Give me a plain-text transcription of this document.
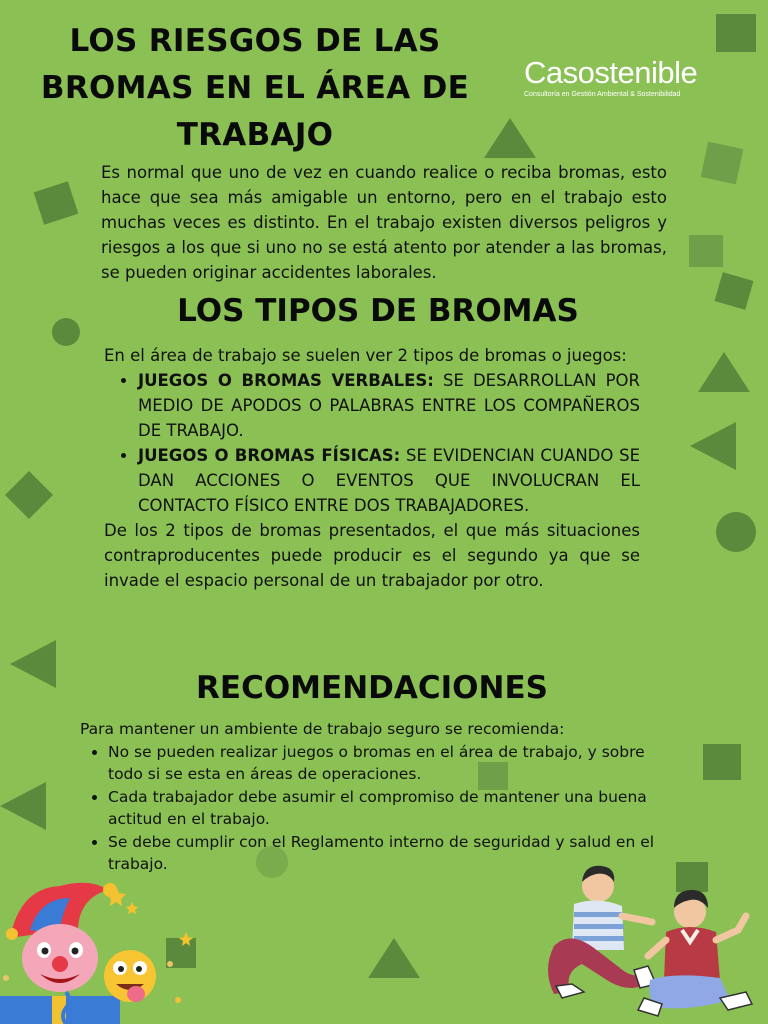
LOS RIESGOS DE LAS BROMAS EN EL ÁREA DE TRABAJO
Casostenible
Consultoría en Gestión Ambiental & Sostenibilidad
Es normal que uno de vez en cuando realice o reciba bromas, esto hace que sea más amigable un entorno, pero en el trabajo esto muchas veces es distinto. En el trabajo existen diversos peligros y riesgos a los que si uno no se está atento por atender a las bromas, se pueden originar accidentes laborales.
LOS TIPOS DE BROMAS
En el área de trabajo se suelen ver 2 tipos de bromas o juegos:
• JUEGOS O BROMAS VERBALES: SE DESARROLLAN POR MEDIO DE APODOS O PALABRAS ENTRE LOS COMPAÑEROS DE TRABAJO.
• JUEGOS O BROMAS FÍSICAS: SE EVIDENCIAN CUANDO SE DAN ACCIONES O EVENTOS QUE INVOLUCRAN EL CONTACTO FÍSICO ENTRE DOS TRABAJADORES.
De los 2 tipos de bromas presentados, el que más situaciones contraproducentes puede producir es el segundo ya que se invade el espacio personal de un trabajador por otro.
RECOMENDACIONES
Para mantener un ambiente de trabajo seguro se recomienda:
• No se pueden realizar juegos o bromas en el área de trabajo, y sobre todo si se esta en áreas de operaciones.
• Cada trabajador debe asumir el compromiso de mantener una buena actitud en el trabajo.
• Se debe cumplir con el Reglamento interno de seguridad y salud en el trabajo.
